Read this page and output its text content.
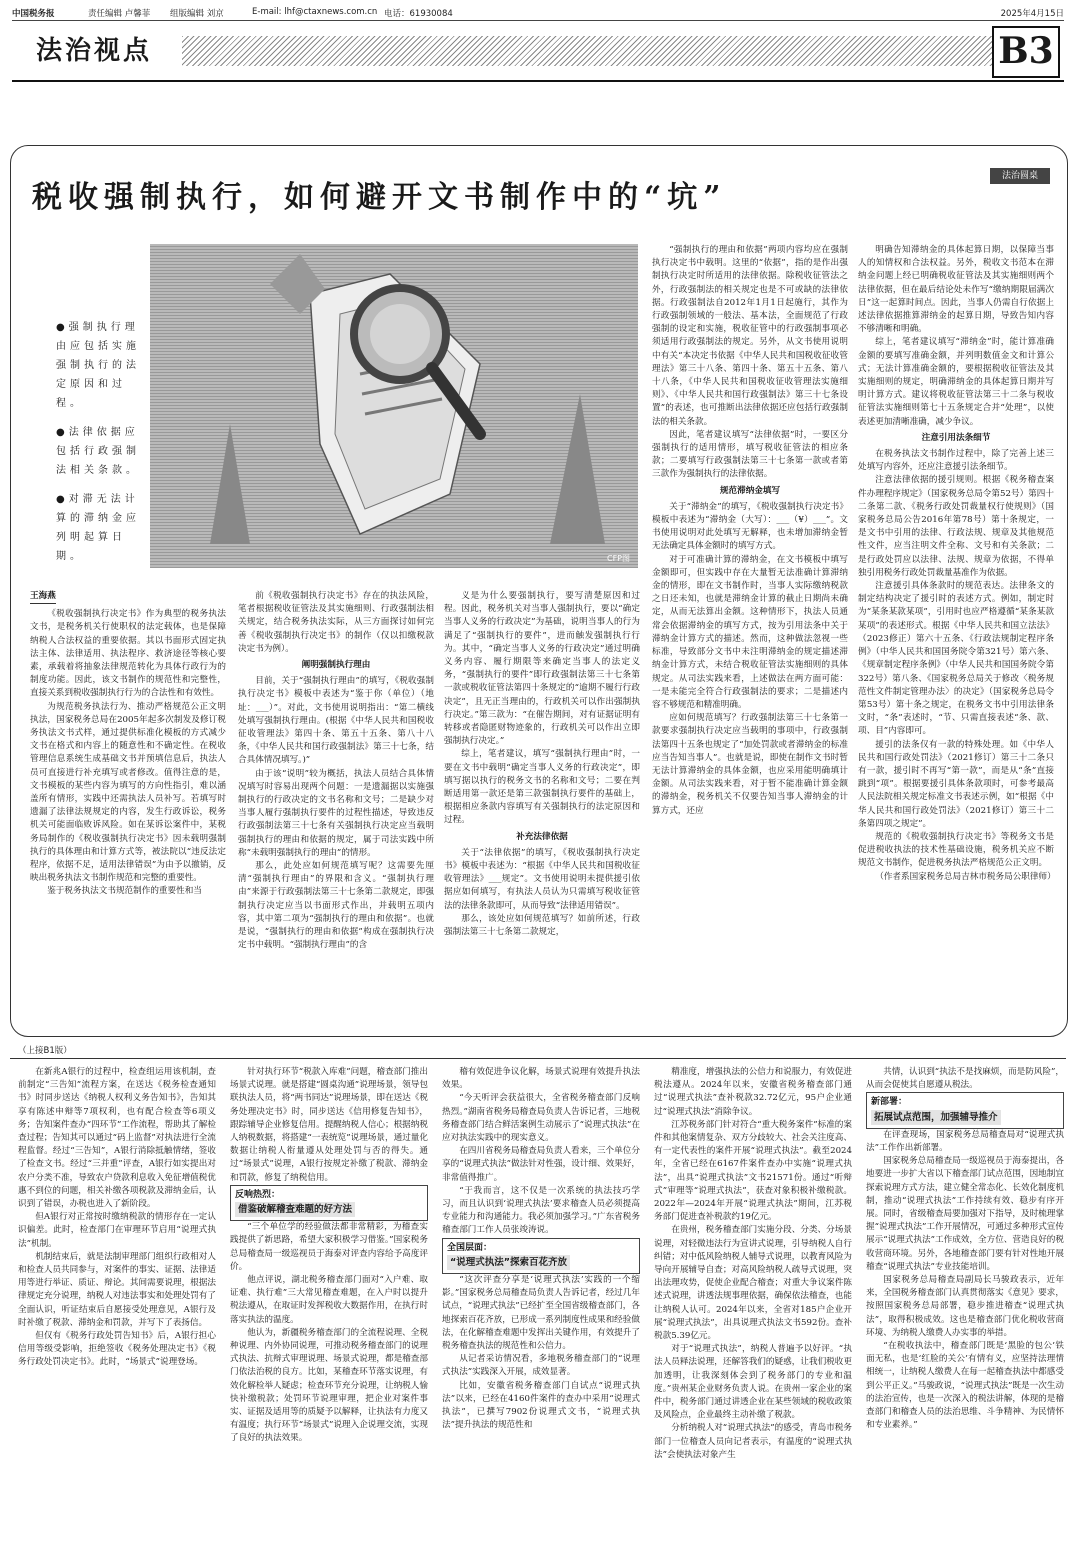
中国税务报	责任编辑 卢馨菲 组版编辑 刘京	E-mail: lhf@ctaxnews.com.cn 电话：61930084	2025年4月15日
法治视点	B3
税收强制执行，如何避开文书制作中的“坑”
法治圆桌
CFP图

●强制执行理由应包括实施强制执行的法定原因和过程。

●法律依据应包括行政强制法相关条款。

●对滞无法计算的滞纳金应列明起算日期。

王海燕

《税收强制执行决定书》作为典型的税务执法文书，是税务机关行使职权的法定载体，也是保障纳税人合法权益的重要依据。其以书面形式固定执法主体、法律适用、执法程序、救济途径等核心要素，承载着将抽象法律规范转化为具体行政行为的制度功能。因此，该文书制作的规范性和完整性，直接关系到税收强制执行行为的合法性和有效性。

为规范税务执法行为、推动严格规范公正文明执法，国家税务总局在2005年起多次制发及修订税务执法文书式样，通过提供标准化模板的方式减少文书在格式和内容上的随意性和不确定性。在税收管理信息系统生成基础文书并预填信息后，执法人员可直接进行补充填写或者修改。值得注意的是，文书模板的某些内容为填写的方向性指引，难以涵盖所有情形，实践中还需执法人员补写。若填写时遗漏了法律法规规定的内容，发生行政诉讼，税务机关可能面临败诉风险。如在某诉讼案件中，某税务局制作的《税收强制执行决定书》因未载明强制执行的具体理由和计算方式等，被法院以“违反法定程序，依据不足，适用法律错误”为由予以撤销，反映出税务执法文书制作规范和完整的重要性。

鉴于税务执法文书规范制作的重要性和当

前《税收强制执行决定书》存在的执法风险，笔者根据税收征管法及其实施细则、行政强制法相关规定，结合税务执法实际，从三方面探讨如何完善《税收强制执行决定书》的制作（仅以扣缴税款决定书为例）。

阐明强制执行理由

目前，关于“强制执行理由”的填写，《税收强制执行决定书》模板中表述为“鉴于你（单位）（地址：___）”。对此，文书使用说明指出：“第二横线处填写强制执行理由。(根据《中华人民共和国税收征收管理法》第四十条、第五十五条、第八十八条，《中华人民共和国行政强制法》第三十七条，结合具体情况填写。)”

由于该“说明”较为概括，执法人员结合具体情况填写时容易出现两个问题：一是遗漏据以实施强制执行的行政决定的文书名称和文号；二是缺少对当事人履行强制执行要件的过程性描述，导致违反行政强制法第三十七条有关强制执行决定应当载明强制执行的理由和依据的规定，属于司法实践中所称“未载明强制执行的理由”的情形。

那么，此处应如何规范填写呢？这需要先厘清“强制执行理由”的界限和含义。“强制执行理由”来源于行政强制法第三十七条第二款规定，即强制执行决定应当以书面形式作出，并载明五项内容，其中第二项为“强制执行的理由和依据”。也就是说，“强制执行的理由和依据”构成在强制执行决定书中载明。“强制执行理由”的含

义是为什么要强制执行，要写清楚原因和过程。因此，税务机关对当事人强制执行，要以“确定当事人义务的行政决定”为基础，说明当事人的行为满足了“强制执行的要件”，进而触发强制执行行为。其中，“确定当事人义务的行政决定”通过明确义务内容、履行期限等来确定当事人的法定义务，“强制执行的要件”即行政强制法第三十七条第一款或税收征管法第四十条规定的“逾期不履行行政决定”，且无正当理由的，行政机关可以作出强制执行决定。”第三款为：“在催告期间，对有证据证明有转移或者隐匿财物迹象的，行政机关可以作出立即强制执行决定。”

综上，笔者建议，填写“强制执行理由”时，一要在文书中载明“确定当事人义务的行政决定”，即填写据以执行的税务文书的名称和文号；二要在判断适用第一款还是第三款强制执行要件的基础上，根据相应条款内容填写有关强制执行的法定原因和过程。

补充法律依据

关于“法律依据”的填写，《税收强制执行决定书》模板中表述为：“根据《中华人民共和国税收征收管理法》___规定”。文书使用说明未提供援引依据应如何填写，有执法人员认为只需填写税收征管法的法律条款即可，从而导致“法律适用错误”。

那么，该处应如何规范填写？如前所述，行政强制法第三十七条第二款规定，

“强制执行的理由和依据”两项内容均应在强制执行决定书中载明。这里的“依据”，指的是作出强制执行决定时所适用的法律依据。除税收征管法之外，行政强制法的相关规定也是不可或缺的法律依据。行政强制法自2012年1月1日起施行，其作为行政强制领域的一般法、基本法，全面规范了行政强制的设定和实施，税收征管中的行政强制事项必须适用行政强制法的规定。另外，从文书使用说明中有关“本决定书依据《中华人民共和国税收征收管理法》第三十八条、第四十条、第五十五条、第八十八条，《中华人民共和国税收征收管理法实施细则》、《中华人民共和国行政强制法》第三十七条设置”的表述，也可推断出法律依据还应包括行政强制法的相关条款。

因此，笔者建议填写“法律依据”时，一要区分强制执行的适用情形，填写税收征管法的相应条款；二要填写行政强制法第三十七条第一款或者第三款作为强制执行的法律依据。

规范滞纳金填写

关于“滞纳金”的填写，《税收强制执行决定书》模板中表述为“滞纳金（大写）：___（¥）___”。文书使用说明对此处填写无解释，也未增加滞纳金暂无法确定具体金额时的填写方式。

对于可准确计算的滞纳金，在文书模板中填写金额即可，但实践中存在大量暂无法准确计算滞纳金的情形，即在文书制作时，当事人实际缴纳税款之日还未知，也就是滞纳金计算的截止日期尚未确定，从而无法算出金额。这种情形下，执法人员通常会依据滞纳金的填写方式，按为引用法条中关于滞纳金计算方式的描述。然而，这种做法忽视一些标准，导致部分文书中未注明滞纳金的规定描述滞纳金计算方式，未结合税收征管法实施细则的具体规定。从司法实践来看，上述做法在两方面可能：一是未能完全符合行政强制法的要求；二是描述内容不够规范和精准明确。

应如何规范填写？行政强制法第三十七条第一款要求强制执行决定应当载明的事项中，行政强制法第四十五条也规定了“加处罚款或者滞纳金的标准应当告知当事人”。也就是说，即使在制作文书时暂无法计算滞纳金的具体金额，也应采用能明确填计金额。从司法实践来看，对于暂不能准确计算金额的滞纳金，税务机关不仅要告知当事人滞纳金的计算方式，还应

明确告知滞纳金的具体起算日期，以保障当事人的知情权和合法权益。另外，税收文书范本在滞纳金问题上经已明确税收征管法及其实施细则两个法律依据，但在最后结论处未作写“缴纳期限届满次日”这一起算时间点。因此，当事人仍需自行依据上述法律依据推算滞纳金的起算日期，导致告知内容不够清晰和明确。

综上，笔者建议填写“滞纳金”时，能计算准确金额的要填写准确金额，并列明数值金文和计算公式；无法计算准确金额的，要根据税收征管法及其实施细则的规定，明确滞纳金的具体起算日期并写明计算方式。建议将税收征管法第三十二条与税收征管法实施细则第七十五条规定合并“处理”，以使表述更加清晰准确，减少争议。

注意引用法条细节

在税务执法文书制作过程中，除了完善上述三处填写内容外，还应注意援引法条细节。

注意法律依据的援引规则。根据《税务稽查案件办理程序规定》（国家税务总局令第52号）第四十二条第二款、《税务行政处罚裁量权行使规则》（国家税务总局公告2016年第78号）第十条规定，一是文书中引用的法律、行政法规、规章及其他规范性文件，应当注明文件全称、文号和有关条款；二是行政处罚应以法律、法规、规章为依据，不得单独引用税务行政处罚裁量基准作为依据。

注意援引具体条款时的规范表达。法律条文的制定结构决定了援引时的表述方式。例如，制定时为“某条某款某项”，引用时也应严格遵循“某条某款某项”的表述形式。根据《中华人民共和国立法法》（2023修正）第六十五条、《行政法规制定程序条例》（中华人民共和国国务院令第321号）第六条、《规章制定程序条例》（中华人民共和国国务院令第322号）第八条、《国家税务总局关于修改〈税务规范性文件制定管理办法〉的决定》（国家税务总局令第53号）第十条之规定，在税务文书中引用法律条文时，“条”表述时，“节、只需直接表述“条、款、项、目”内容即可。

援引的法条仅有一款的特殊处理。如《中华人民共和国行政处罚法》（2021修订）第三十二条只有一款，援引时不再写“第一款”，而是从“条”直接跳到“项”。根据要援引具体条款项时，可参考最高人民法院相关规定标准文书表述示例，如“根据《中华人民共和国行政处罚法》（2021修订）第三十二条第四项之规定”。

规范的《税收强制执行决定书》等税务文书是促进税收执法的技术性基础设施，税务机关应不断规范文书制作，促进税务执法严格规范公正文明。

（作者系国家税务总局吉林市税务局公职律师）

（上接B1版）

在新兆A银行的过程中，检查组运用该机制，查前制定“三告知”流程方案，在送达《税务检查通知书》时同步送达《纳税人权利义务告知书》，告知其享有陈述申辩等7项权利，也有配合检查等6项义务；告知案件查办“四环节”工作流程，帮助其了解检查过程；告知其可以通过“码上监督”对执法进行全流程监督。经过“三告知”，A银行消除抵触情绪，签收了检查文书。经过“三并重”评查，A银行如实提出对农户分类不准，导致农户贷款利息收入免征增值税优惠不到位的问题，相关补缴各项税款及滞纳金后，认识到了错误，办税也进入了新阶段。

但A银行对正常按时缴纳税款的情形存在一定认识偏差。此时，检查部门在审理环节启用“说理式执法”机制。

机制结束后，就是法制审理部门组织行政相对人和检查人员共同参与，对案件的事实、证据、法律适用等进行举证、质证、辩论。其间需要说理，根据法律规定充分说理，纳税人对违法事实和处理处罚有了全面认识，听证结束后自愿接受处理意见，A银行及时补缴了税款、滞纳金和罚款，并写下了表扬信。

但仅有《税务行政处罚告知书》后，A银行担心信用等级受影响，拒绝签收《税务处理决定书》《税务行政处罚决定书》。此时，“场景式”说理登场。

针对执行环节“税款入库难”问题，稽查部门推出场景式说理。就是搭建“圆桌沟通”说理场景，领导包联执法人员，将“两书同达”说理场景，即在送达《税务处理决定书》时，同步送达《信用修复告知书》，跟踪辅导企业修复信用。提醒纳税人信心；根据纳税人纳税数据，将搭建“一表统览”说理场景，通过量化数据让纳税人衔量遵从处理处罚与否的得失。通过“场景式”说理，A银行按规定补缴了税款、滞纳金和罚款，修复了纳税信用。

反响热烈：
借鉴破解稽查难题的好方法

“三个单位学的经验做法都非常精彩，为稽查实践提供了新思路，希望大家积极学习借鉴。”国家税务总局稽查局一级巡视员于海泰对评查内容给予高度评价。

他点评说，湖北税务稽查部门面对“入户难、取证难、执行难”三大常见稽查难题，在入户时以提升税法遵从，在取证时发挥税收大数据作用，在执行时落实执法的温度。

他认为，新疆税务稽查部门的全流程说理、全税种说理、内外协同说理，可推动税务稽查部门的说理式执法、抗辩式审理说理、场景式说理，都是稽查部门依法治税的良方。比如，某稽查环节落实说理，有效化解检举人疑虑；检查环节充分说理，让纳税人愉快补缴税款；处罚环节说理审理，把企业对案件事实、证据及适用等的质疑予以解释，让执法有力度又有温度；执行环节“场景式”说理入企说理交流，实现了良好的执法效果。

稽有效促进争议化解，场景式说理有效提升执法效果。

“今天听评会获益很大，全省税务稽查部门反响热烈。”湖南省税务局稽查局负责人告诉记者，三地税务稽查部门结合鲜活案例生动展示了“说理式执法”在应对执法实践中的现实意义。

在四川省税务局稽查局负责人看来，三个单位分享的“说理式执法”做法针对性强，设计细、效果好，非常值得推广。

“于我而言，这不仅是一次系统的执法技巧学习，而且认识到‘说理式执法’要求稽查人员必须提高专业能力和沟通能力。我必须加强学习。”广东省税务稽查部门工作人员张竣涛说。

全国层面：
“说理式执法”探索百花齐放

“这次评查分享是‘说理式执法’实践的一个缩影。”国家税务总局稽查局负责人告诉记者，经过几年试点，“说理式执法”已经扩至全国省级稽查部门，各地探索百花齐放，已形成一系列制度性成果和经验做法，在化解稽查难题中发挥出关键作用，有效提升了税务稽查执法的规范性和公信力。

从记者采访情况看，多地税务稽查部门的“说理式执法”实践深入开展，成效显著。

比如，安徽省税务稽查部门自试点“说理式执法”以来，已经在4160件案件的查办中采用“说理式执法”，已撰写7902份说理式文书，“说理式执法”提升执法的规范性和

精准度，增强执法的公信力和说服力，有效促进税法遵从。2024年以来，安徽省税务稽查部门通过“说理式执法”查补税款32.72亿元，95户企业通过“说理式执法”消除争议。

江苏税务部门针对符合“重大税务案件”标准的案件和其他案情复杂、双方分歧较大、社会关注度高、有一定代表性的案件开展“说理式执法”。截至2024年，全省已经在6167件案件查办中实施“说理式执法”，出具“说理式执法”文书21571份。通过“听辩式”审理等“说理式执法”，获查对象积极补缴税款。2022年—2024年开展“说理式执法”期间，江苏税务部门促进查补税款约19亿元。

在贵州，税务稽查部门实施分段、分类、分场景说理，对轻微违法行为宣讲式说理，引导纳税人自行纠错；对中低风险纳税人辅导式说理，以教育风险为导向开展辅导自查；对高风险纳税人疏导式说理，突出法理攻势，促使企业配合稽查；对重大争议案件陈述式说理，讲透法规事理依据，确保依法稽查，也能让纳税人认可。2024年以来，全省对185户企业开展“说理式执法”，出具说理式执法文书592份。查补税款5.39亿元。

对于“说理式执法”，纳税人普遍予以好评。“执法人员释法说理，还解答我们的疑惑，让我们税收更加透明，让我深刻体会到了税务部门的专业和温度。”贵州某企业财务负责人说。在贵州一家企业的案件中，税务部门通过讲透企业在某些领域的税收政策及风险点，企业最终主动补缴了税款。

分析纳税人对“说理式执法”的感受，青岛市税务部门一位稽查人员向记者表示，有温度的“说理式执法”会使执法对象产生

共情，认识到“执法不是找麻烦，而是防风险”，从而会促使其自愿遵从税法。

新部署：
拓展试点范围，加强辅导推介

在评查现场，国家税务总局稽查局对“说理式执法”工作作出新部署。

国家税务总局稽查局一级巡视员于海泰提出，各地要进一步扩大省以下稽查部门试点范围，因地制宜探索说理方式方法，建立健全常态化、长效化制度机制，推动“说理式执法”工作持续有效、稳步有序开展。同时，省级稽查局要加强对下指导，及时梳理掌握“说理式执法”工作开展情况，可通过多种形式宣传展示“说理式执法”工作成效，全方位、营造良好的税收营商环境。另外，各地稽查部门要有针对性地开展稽查“说理式执法”专业技能培训。

国家税务总局稽查局副局长马骏政表示，近年来，全国税务稽查部门认真贯彻落实《意见》要求，按照国家税务总局部署，稳步推进稽查“说理式执法”，取得积极成效。这也是稽查部门优化税收营商环境、为纳税人缴费人办实事的举措。

“在税收执法中，稽查部门既是‘黑脸的包公’铁面无私，也是‘红脸的关公’有情有义，应坚持法理情相统一，让纳税人缴费人在每一起稽查执法中都感受到公平正义。”马骏政说，“说理式执法”既是一次生动的法治宣传，也是一次深入的税法讲解，体现的是稽查部门和稽查人员的法治思维、斗争精神、为民情怀和专业素养。”
